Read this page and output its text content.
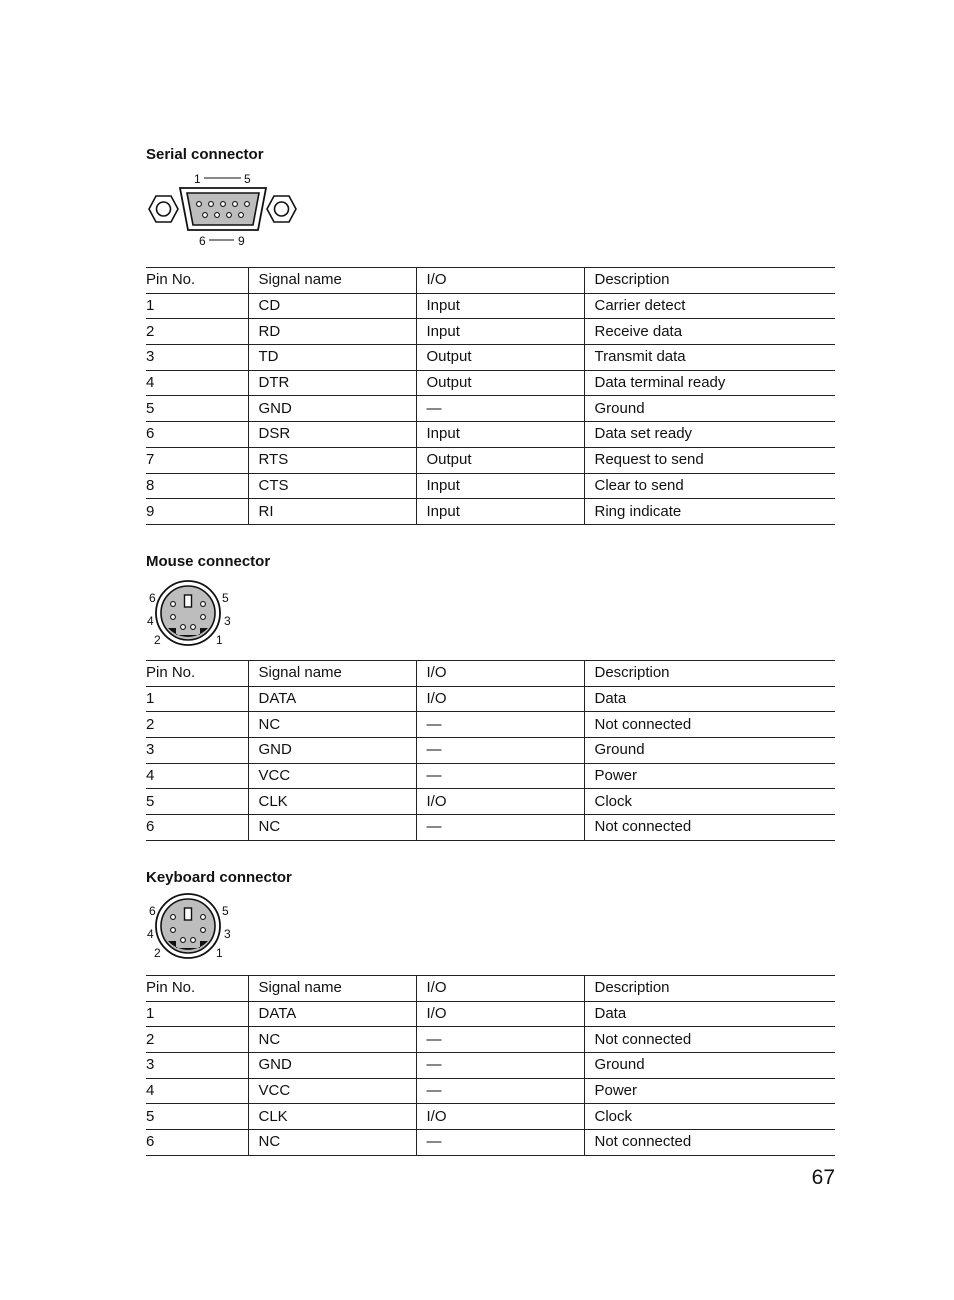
Serial connector
1	5
6	9
Pin No.	Signal name	I/O	Description
1	CD	Input	Carrier detect
2	RD	Input	Receive data
3	TD	Output	Transmit data
4	DTR	Output	Data terminal ready
5	GND	—	Ground
6	DSR	Input	Data set ready
7	RTS	Output	Request to send
8	CTS	Input	Clear to send
9	RI	Input	Ring indicate
Mouse connector
6	5
4	3
2	1
Pin No.	Signal name	I/O	Description
1	DATA	I/O	Data
2	NC	—	Not connected
3	GND	—	Ground
4	VCC	—	Power
5	CLK	I/O	Clock
6	NC	—	Not connected
Keyboard connector
6	5
4	3
2	1
Pin No.	Signal name	I/O	Description
1	DATA	I/O	Data
2	NC	—	Not connected
3	GND	—	Ground
4	VCC	—	Power
5	CLK	I/O	Clock
6	NC	—	Not connected
67
